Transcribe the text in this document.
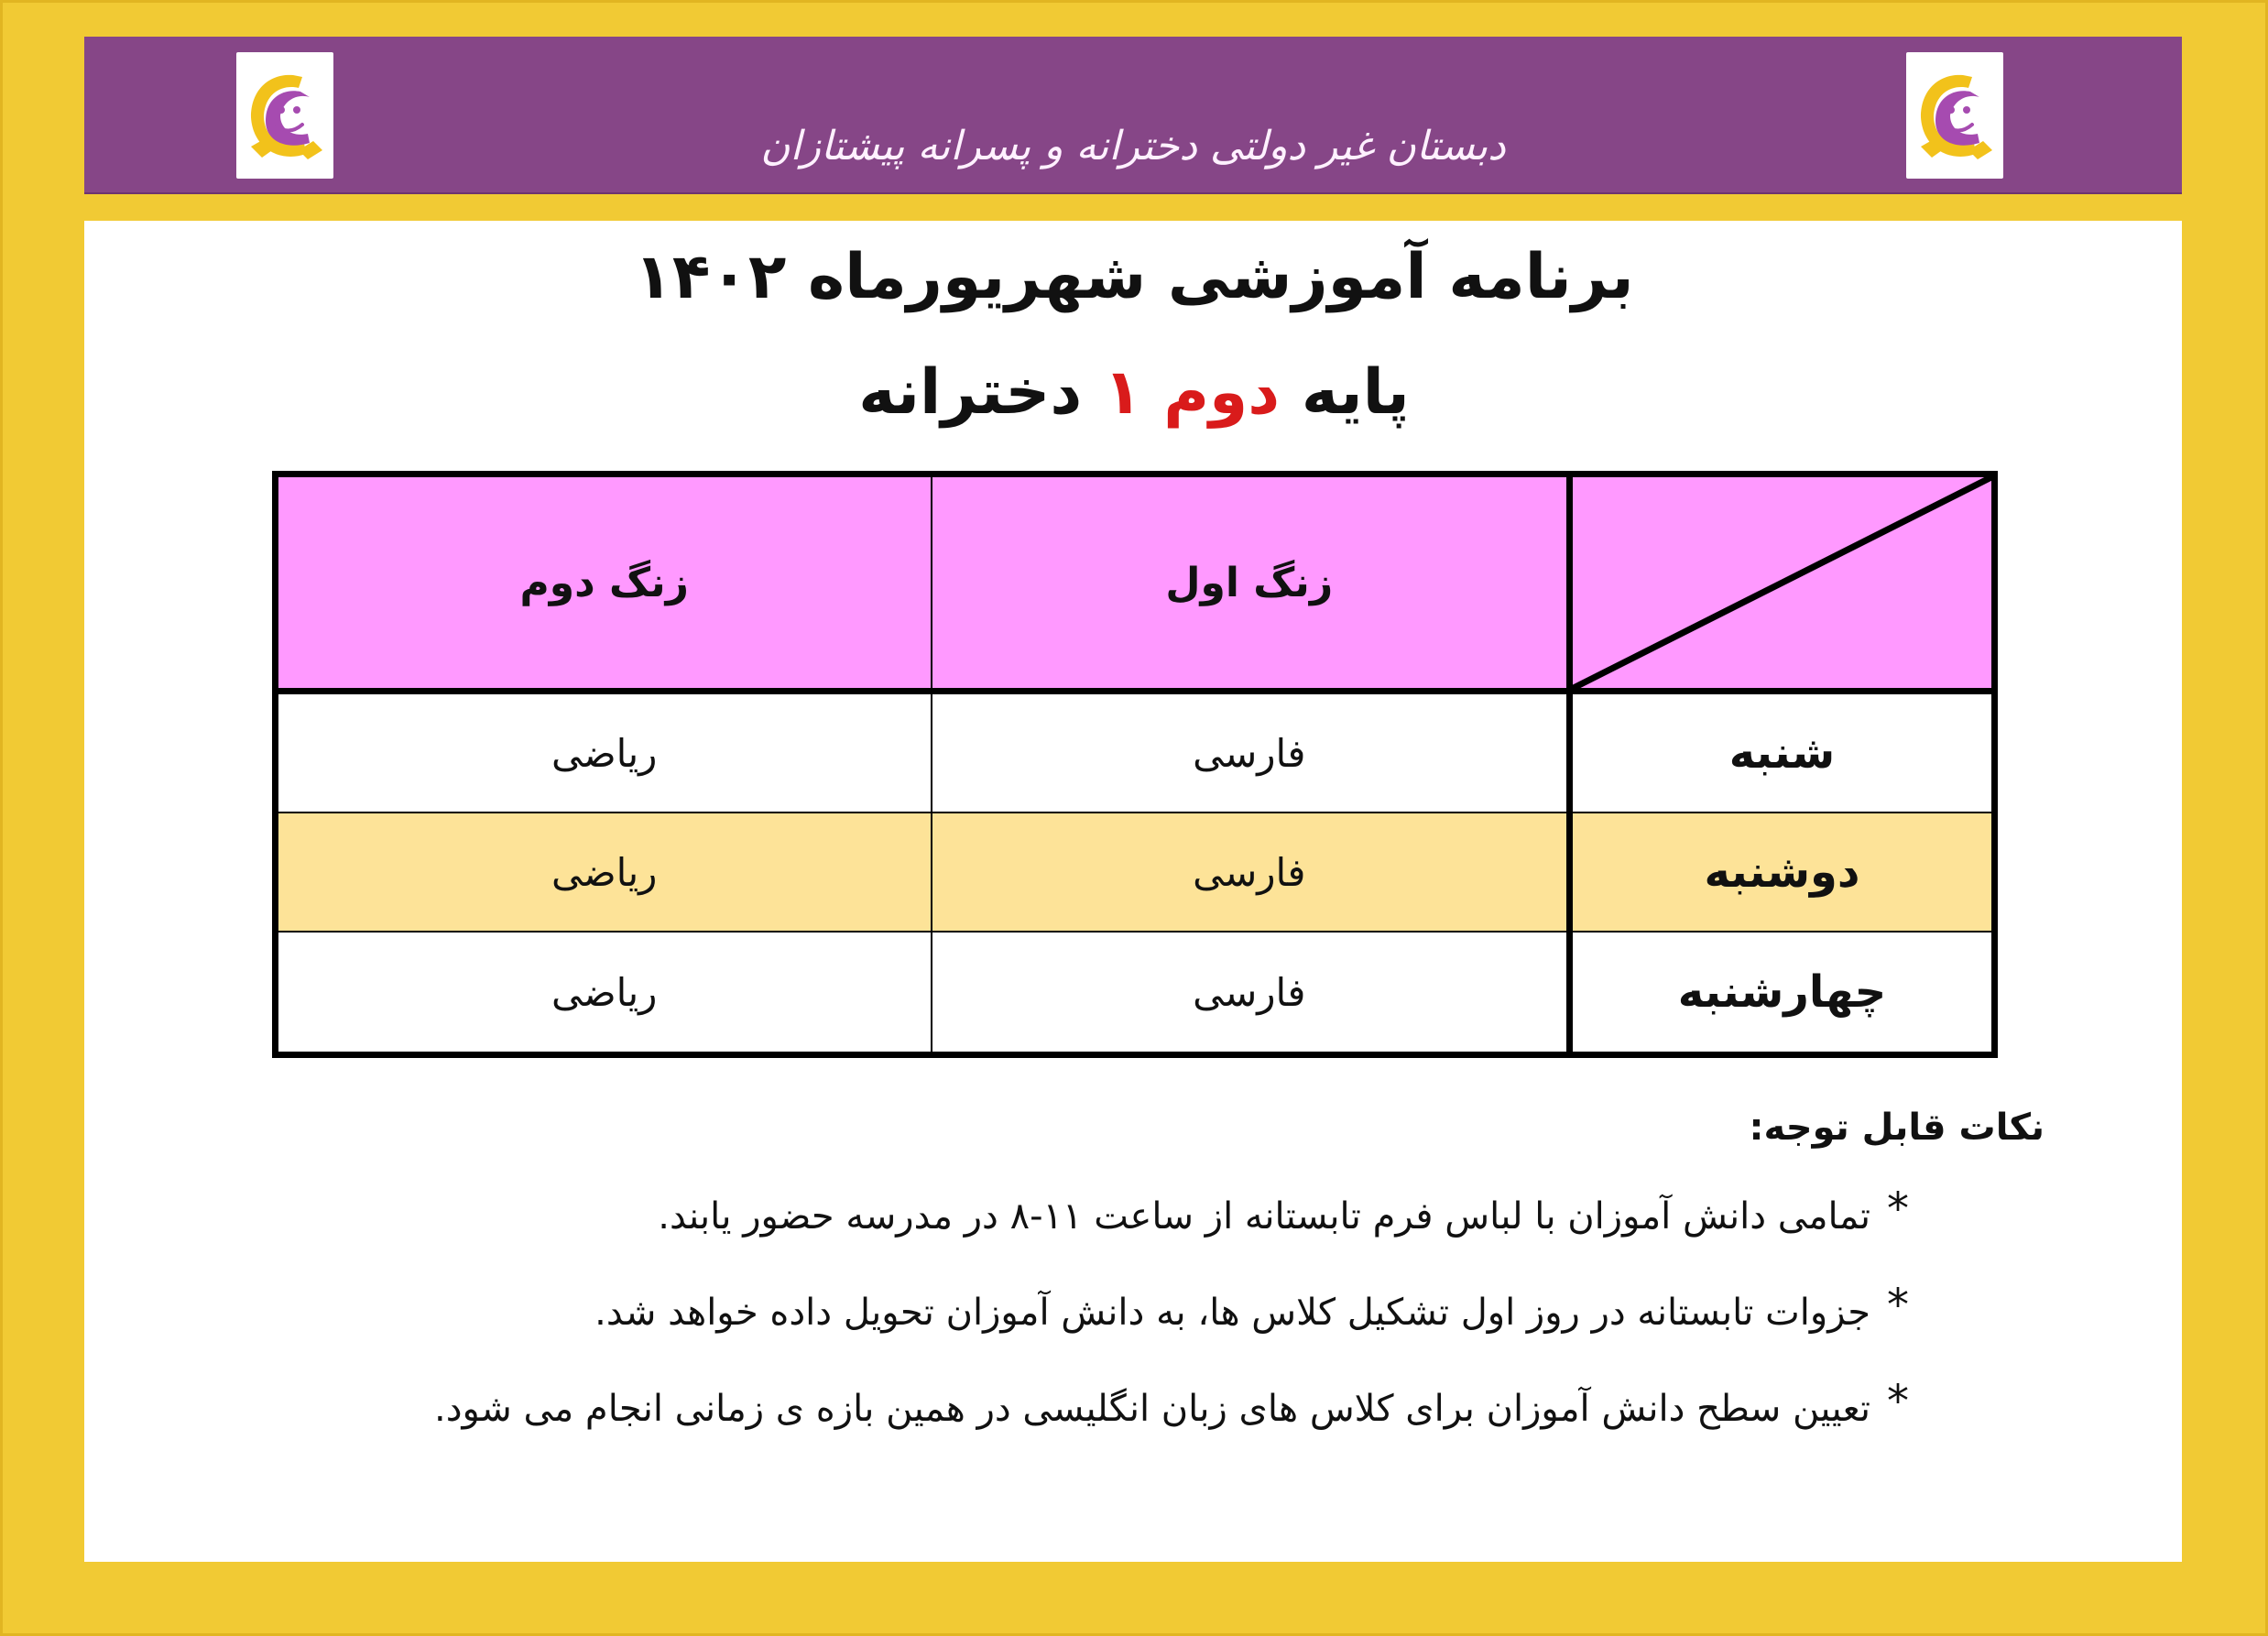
دبستان غیر دولتی دخترانه و پسرانه پیشتازان
برنامه آموزشی شهریورماه ۱۴۰۲
پایه دوم ۱ دخترانه
	زنگ اول	زنگ دوم
شنبه	فارسی	ریاضی
دوشنبه	فارسی	ریاضی
چهارشنبه	فارسی	ریاضی
نکات قابل توجه:
*
تمامی دانش آموزان با لباس فرم تابستانه از ساعت ۱۱-۸ در مدرسه حضور یابند.
*
جزوات تابستانه در روز اول تشکیل کلاس ها، به دانش آموزان تحویل داده خواهد شد.
*
تعیین سطح دانش آموزان برای کلاس های زبان انگلیسی در همین بازه ی زمانی انجام می شود.
